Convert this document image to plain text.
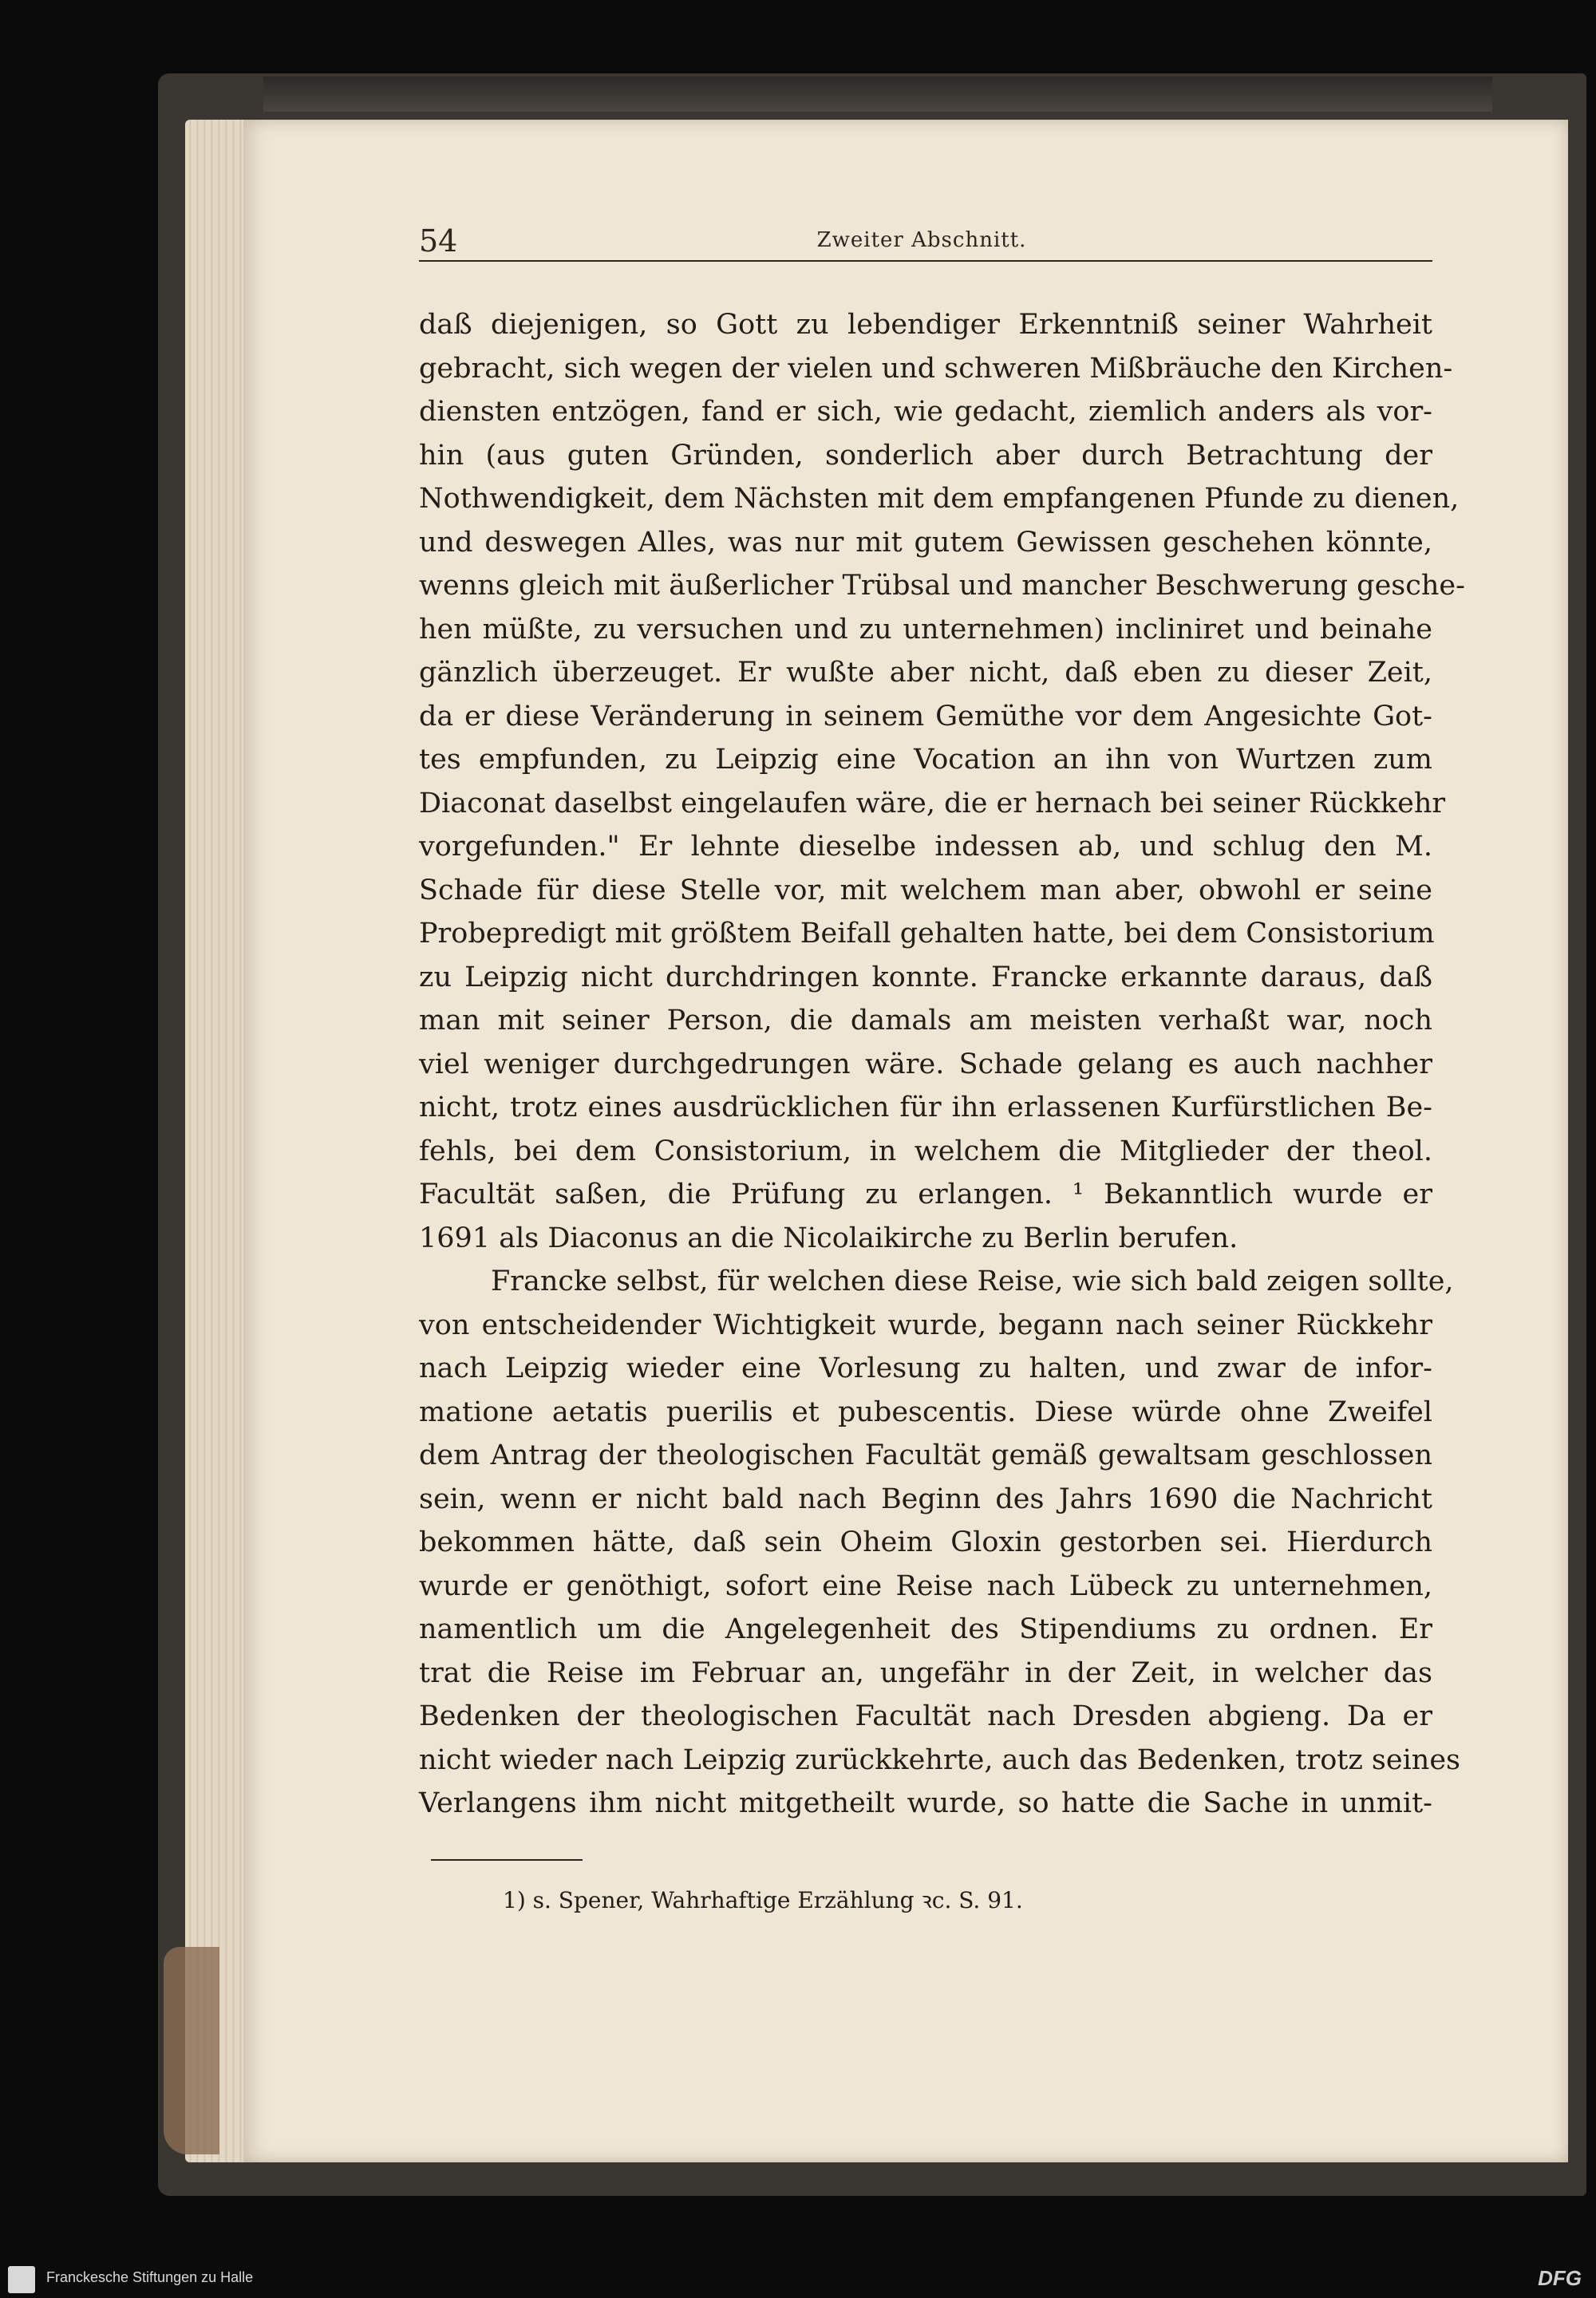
54	Zweiter Abschnitt.
daß diejenigen, so Gott zu lebendiger Erkenntniß seiner Wahrheit
gebracht, sich wegen der vielen und schweren Mißbräuche den Kirchen-
diensten entzögen, fand er sich, wie gedacht, ziemlich anders als vor-
hin (aus guten Gründen, sonderlich aber durch Betrachtung der
Nothwendigkeit, dem Nächsten mit dem empfangenen Pfunde zu dienen,
und deswegen Alles, was nur mit gutem Gewissen geschehen könnte,
wenns gleich mit äußerlicher Trübsal und mancher Beschwerung gesche-
hen müßte, zu versuchen und zu unternehmen) incliniret und beinahe
gänzlich überzeuget. Er wußte aber nicht, daß eben zu dieser Zeit,
da er diese Veränderung in seinem Gemüthe vor dem Angesichte Got-
tes empfunden, zu Leipzig eine Vocation an ihn von Wurtzen zum
Diaconat daselbst eingelaufen wäre, die er hernach bei seiner Rückkehr
vorgefunden." Er lehnte dieselbe indessen ab, und schlug den M.
Schade für diese Stelle vor, mit welchem man aber, obwohl er seine
Probepredigt mit größtem Beifall gehalten hatte, bei dem Consistorium
zu Leipzig nicht durchdringen konnte. Francke erkannte daraus, daß
man mit seiner Person, die damals am meisten verhaßt war, noch
viel weniger durchgedrungen wäre. Schade gelang es auch nachher
nicht, trotz eines ausdrücklichen für ihn erlassenen Kurfürstlichen Be-
fehls, bei dem Consistorium, in welchem die Mitglieder der theol.
Facultät saßen, die Prüfung zu erlangen. ¹ Bekanntlich wurde er
1691 als Diaconus an die Nicolaikirche zu Berlin berufen.
Francke selbst, für welchen diese Reise, wie sich bald zeigen sollte,
von entscheidender Wichtigkeit wurde, begann nach seiner Rückkehr
nach Leipzig wieder eine Vorlesung zu halten, und zwar de infor-
matione aetatis puerilis et pubescentis. Diese würde ohne Zweifel
dem Antrag der theologischen Facultät gemäß gewaltsam geschlossen
sein, wenn er nicht bald nach Beginn des Jahrs 1690 die Nachricht
bekommen hätte, daß sein Oheim Gloxin gestorben sei. Hierdurch
wurde er genöthigt, sofort eine Reise nach Lübeck zu unternehmen,
namentlich um die Angelegenheit des Stipendiums zu ordnen. Er
trat die Reise im Februar an, ungefähr in der Zeit, in welcher das
Bedenken der theologischen Facultät nach Dresden abgieng. Da er
nicht wieder nach Leipzig zurückkehrte, auch das Bedenken, trotz seines
Verlangens ihm nicht mitgetheilt wurde, so hatte die Sache in unmit-
1) s. Spener, Wahrhaftige Erzählung ꝛc. S. 91.
Franckesche Stiftungen zu Halle	DFG
